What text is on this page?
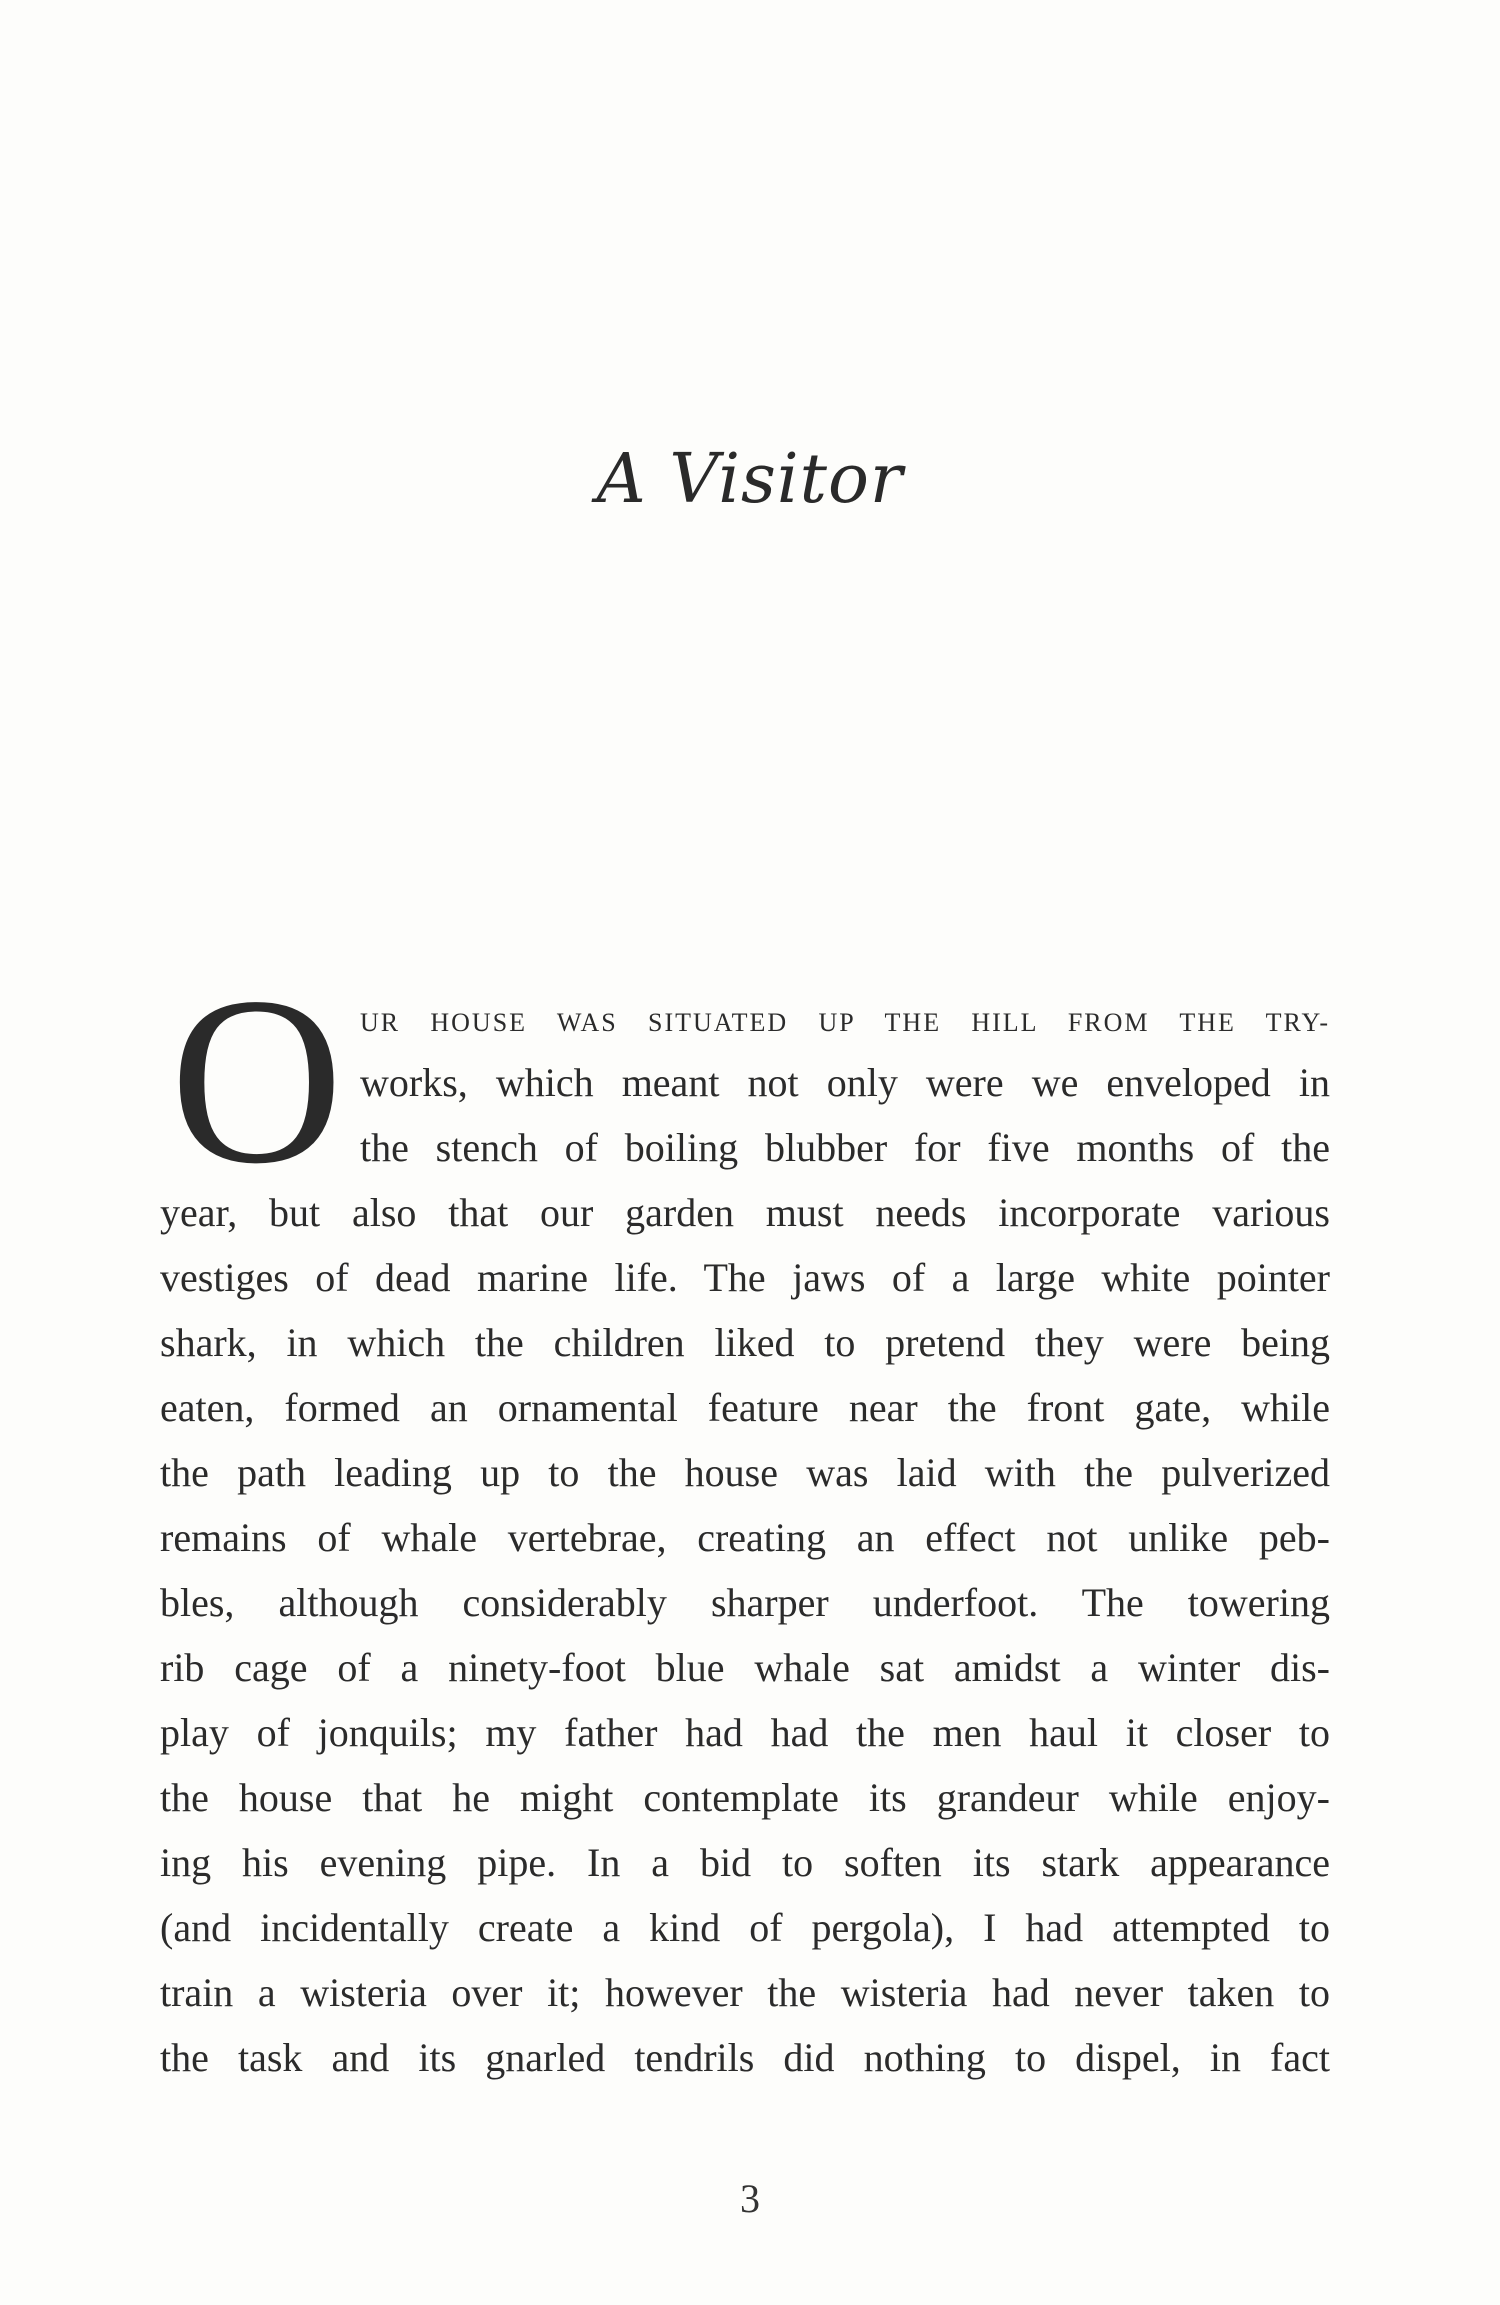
A Visitor
O UR HOUSE WAS SITUATED UP THE HILL FROM THE TRY-
works, which meant not only were we enveloped in
the stench of boiling blubber for five months of the
year, but also that our garden must needs incorporate various
vestiges of dead marine life. The jaws of a large white pointer
shark, in which the children liked to pretend they were being
eaten, formed an ornamental feature near the front gate, while
the path leading up to the house was laid with the pulverized
remains of whale vertebrae, creating an effect not unlike peb-
bles, although considerably sharper underfoot. The towering
rib cage of a ninety-foot blue whale sat amidst a winter dis-
play of jonquils; my father had had the men haul it closer to
the house that he might contemplate its grandeur while enjoy-
ing his evening pipe. In a bid to soften its stark appearance
(and incidentally create a kind of pergola), I had attempted to
train a wisteria over it; however the wisteria had never taken to
the task and its gnarled tendrils did nothing to dispel, in fact
3
